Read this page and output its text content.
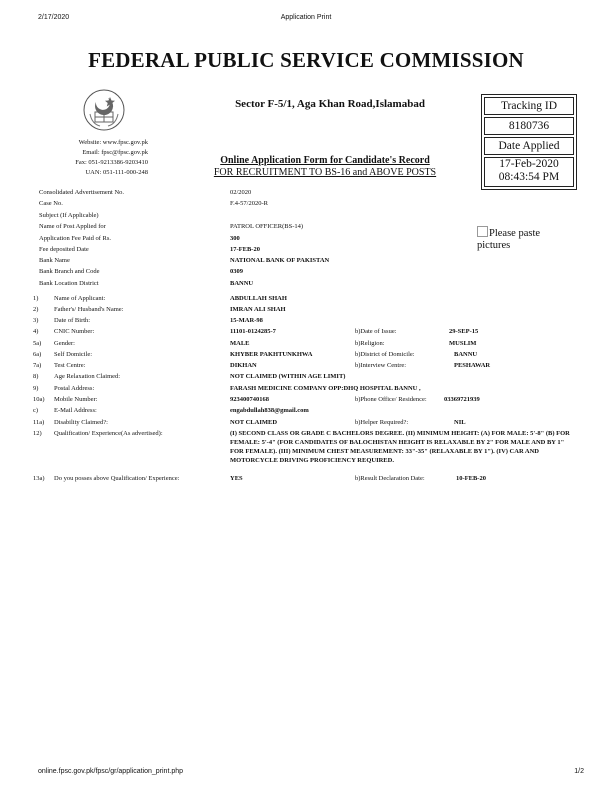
2/17/2020	Application Print
FEDERAL PUBLIC SERVICE COMMISSION
Website: www.fpsc.gov.pk
Email: fpsc@fpsc.gov.pk
Fax: 051-9213386-9203410
UAN: 051-111-000-248
Sector F-5/1, Aga Khan Road,Islamabad	Tracking ID
8180736
Date Applied
17-Feb-2020
08:43:54 PM
Online Application Form for Candidate's Record
FOR RECRUITMENT TO BS-16 and ABOVE POSTS
Please paste pictures
Consolidated Advertisement No.	02/2020
Case No.	F.4-57/2020-R
Subject (If Applicable)
Name of Post Applied for	PATROL OFFICER(BS-14)
Application Fee Paid of Rs.	300
Fee deposited Date	17-FEB-20
Bank Name	NATIONAL BANK OF PAKISTAN
Bank Branch and Code	0309
Bank Location District	BANNU
1) Name of Applicant:	ABDULLAH SHAH
2) Father's/ Husband's Name:	IMRAN ALI SHAH
3) Date of Birth:	15-MAR-98
4) CNIC Number:	11101-0124285-7	b)Date of Issue:	29-SEP-15
5a) Gender:	MALE	b)Religion:	MUSLIM
6a) Self Domicile:	KHYBER PAKHTUNKHWA	b)District of Domicile:	BANNU
7a) Test Centre:	DIKHAN	b)Interview Centre:	PESHAWAR
8) Age Relaxation Claimed:	NOT CLAIMED (WITHIN AGE LIMIT)
9) Postal Address:	FARASH MEDICINE COMPANY OPP:DHQ HOSPITAL BANNU ,
10a) Mobile Number:	923400740168	b)Phone Office/ Residence:	03369721939
c) E-Mail Address:	engabdullah838@gmail.com
11a) Disability Claimed?:	NOT CLAIMED	b)Helper Required?:	NIL
12) Qualification/ Experience(As advertised):	(I) SECOND CLASS OR GRADE C BACHELORS DEGREE. (II) MINIMUM HEIGHT: (A) FOR MALE: 5'-8" (B) FOR FEMALE: 5'-4" (FOR CANDIDATES OF BALOCHISTAN HEIGHT IS RELAXABLE BY 2" FOR MALE AND BY 1" FOR FEMALE). (III) MINIMUM CHEST MEASUREMENT: 33"-35" (RELAXABLE BY 1"). (IV) CAR AND MOTORCYCLE DRIVING PROFICIENCY REQUIRED.
13a) Do you posses above Qualification/ Experience:	YES	b)Result Declaration Date:	10-FEB-20
online.fpsc.gov.pk/fpsc/gr/application_print.php	1/2
